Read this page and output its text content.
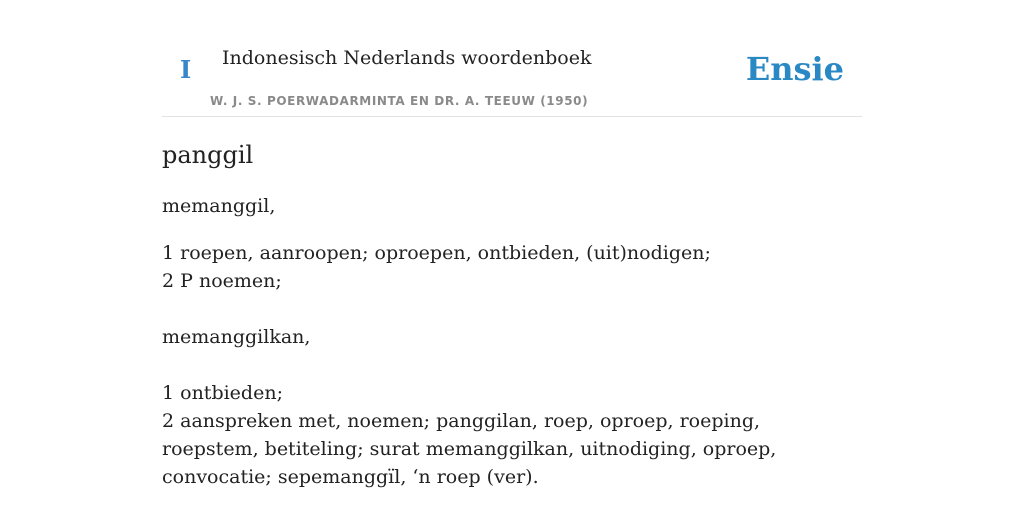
I Indonesisch Nederlands woordenboek
W. J. S. POERWADARMINTA EN DR. A. TEEUW (1950)
Ensie
panggil
memanggil,
1 roepen, aanroopen; oproepen, ontbieden, (uit)nodigen;
2 P noemen;
memanggilkan,
1 ontbieden;
2 aanspreken met, noemen; panggilan, roep, oproep, roeping, roepstem, betiteling; surat memanggilkan, uitnodiging, oproep, convocatie; sepemanggïl, ‘n roep (ver).
